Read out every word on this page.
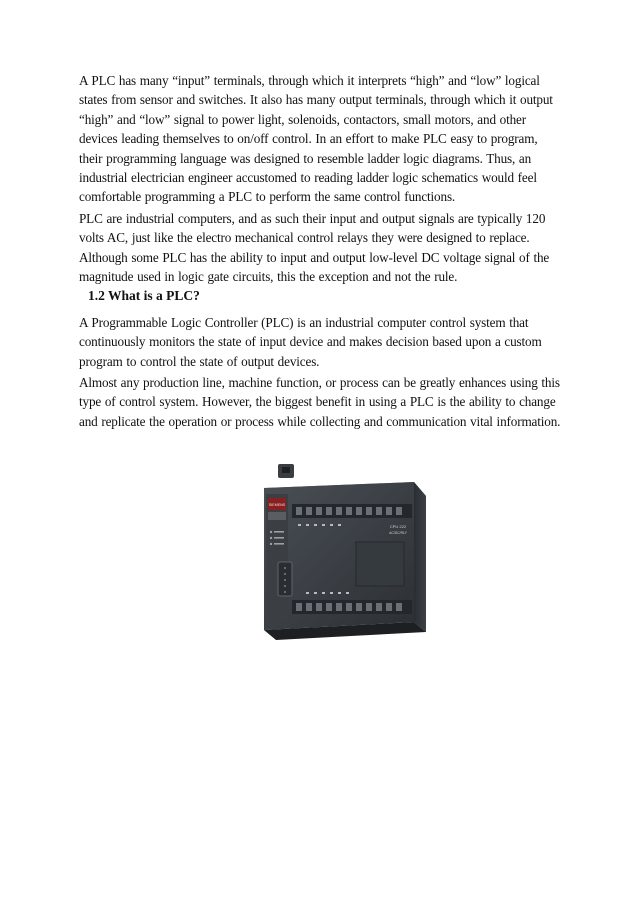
A PLC has many “input” terminals, through which it interprets “high” and “low” logical states from sensor and switches. It also has many output terminals, through which it output “high” and “low” signal to power light, solenoids, contactors, small motors, and other devices leading themselves to on/off control. In an effort to make PLC easy to program, their programming language was designed to resemble ladder logic diagrams. Thus, an industrial electrician engineer accustomed to reading ladder logic schematics would feel comfortable programming a PLC to perform the same control functions.

PLC are industrial computers, and as such their input and output signals are typically 120 volts AC, just like the electro mechanical control relays they were designed to replace. Although some PLC has the ability to input and output low-level DC voltage signal of the magnitude used in logic gate circuits, this the exception and not the rule.

1.2 What is a PLC?

A Programmable Logic Controller (PLC) is an industrial computer control system that continuously monitors the state of input device and makes decision based upon a custom program to control the state of output devices.

Almost any production line, machine function, or process can be greatly enhances using this type of control system. However, the biggest benefit in using a PLC is the ability to change and replicate the operation or process while collecting and communication vital information.

SIEMENS
CPU 222
AC/DC/RLY
